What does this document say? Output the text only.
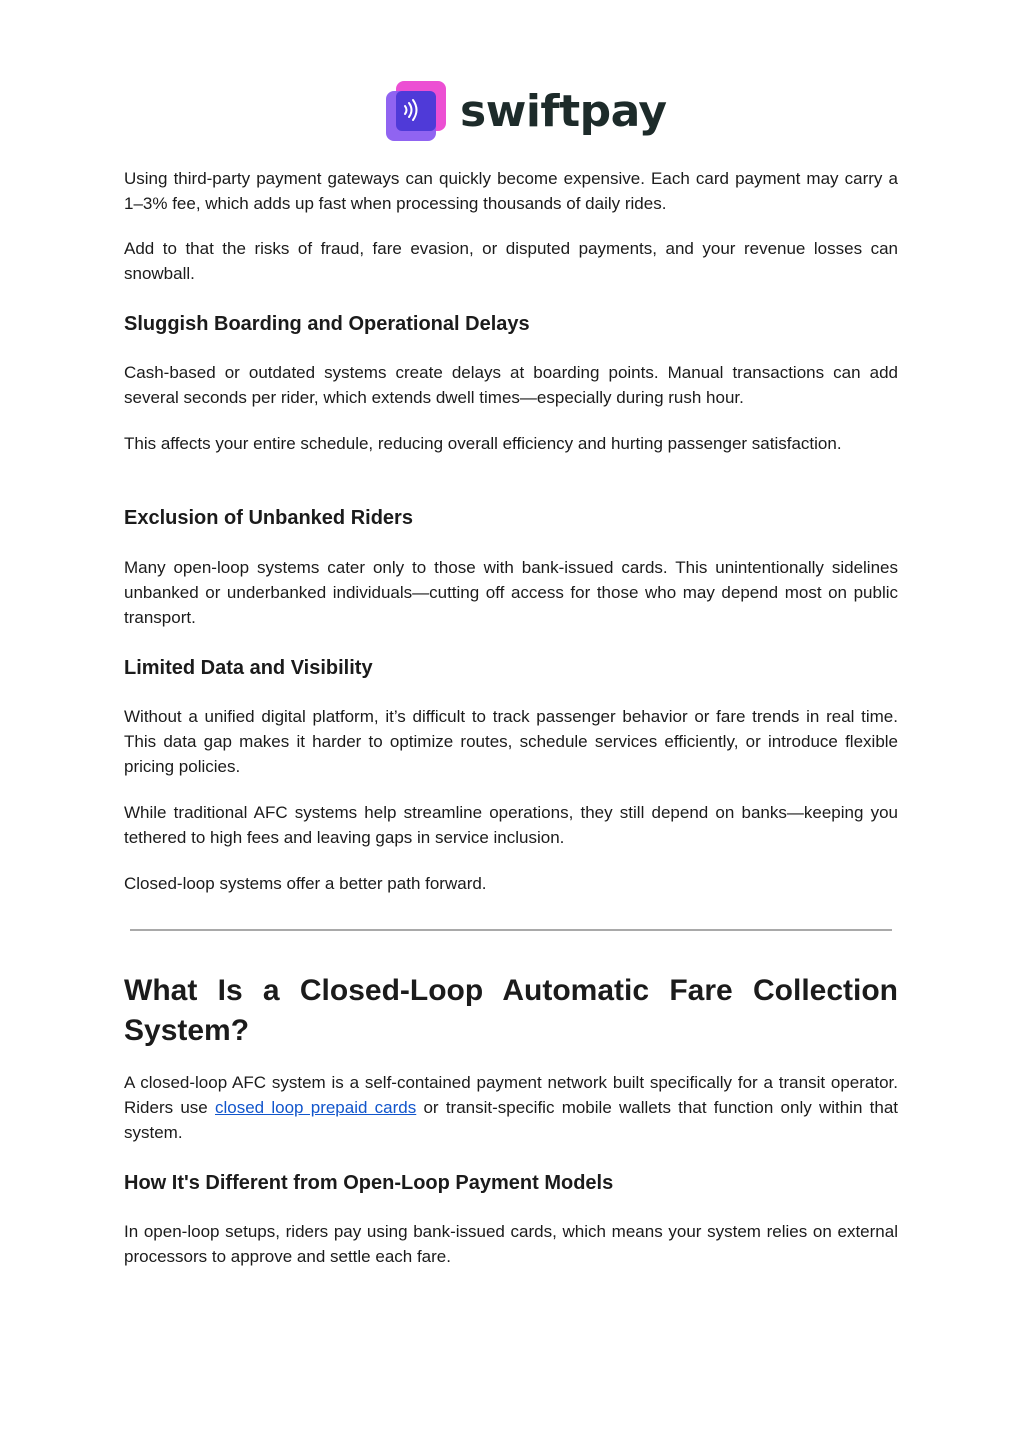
swiftpay

Using third-party payment gateways can quickly become expensive. Each card payment may carry a 1–3% fee, which adds up fast when processing thousands of daily rides.

Add to that the risks of fraud, fare evasion, or disputed payments, and your revenue losses can snowball.

Sluggish Boarding and Operational Delays

Cash-based or outdated systems create delays at boarding points. Manual transactions can add several seconds per rider, which extends dwell times—especially during rush hour.

This affects your entire schedule, reducing overall efficiency and hurting passenger satisfaction.

Exclusion of Unbanked Riders

Many open-loop systems cater only to those with bank-issued cards. This unintentionally sidelines unbanked or underbanked individuals—cutting off access for those who may depend most on public transport.

Limited Data and Visibility

Without a unified digital platform, it’s difficult to track passenger behavior or fare trends in real time. This data gap makes it harder to optimize routes, schedule services efficiently, or introduce flexible pricing policies.

While traditional AFC systems help streamline operations, they still depend on banks—keeping you tethered to high fees and leaving gaps in service inclusion.

Closed-loop systems offer a better path forward.

What Is a Closed-Loop Automatic Fare Collection System?

A closed-loop AFC system is a self-contained payment network built specifically for a transit operator. Riders use closed loop prepaid cards or transit-specific mobile wallets that function only within that system.

How It's Different from Open-Loop Payment Models

In open-loop setups, riders pay using bank-issued cards, which means your system relies on external processors to approve and settle each fare.
